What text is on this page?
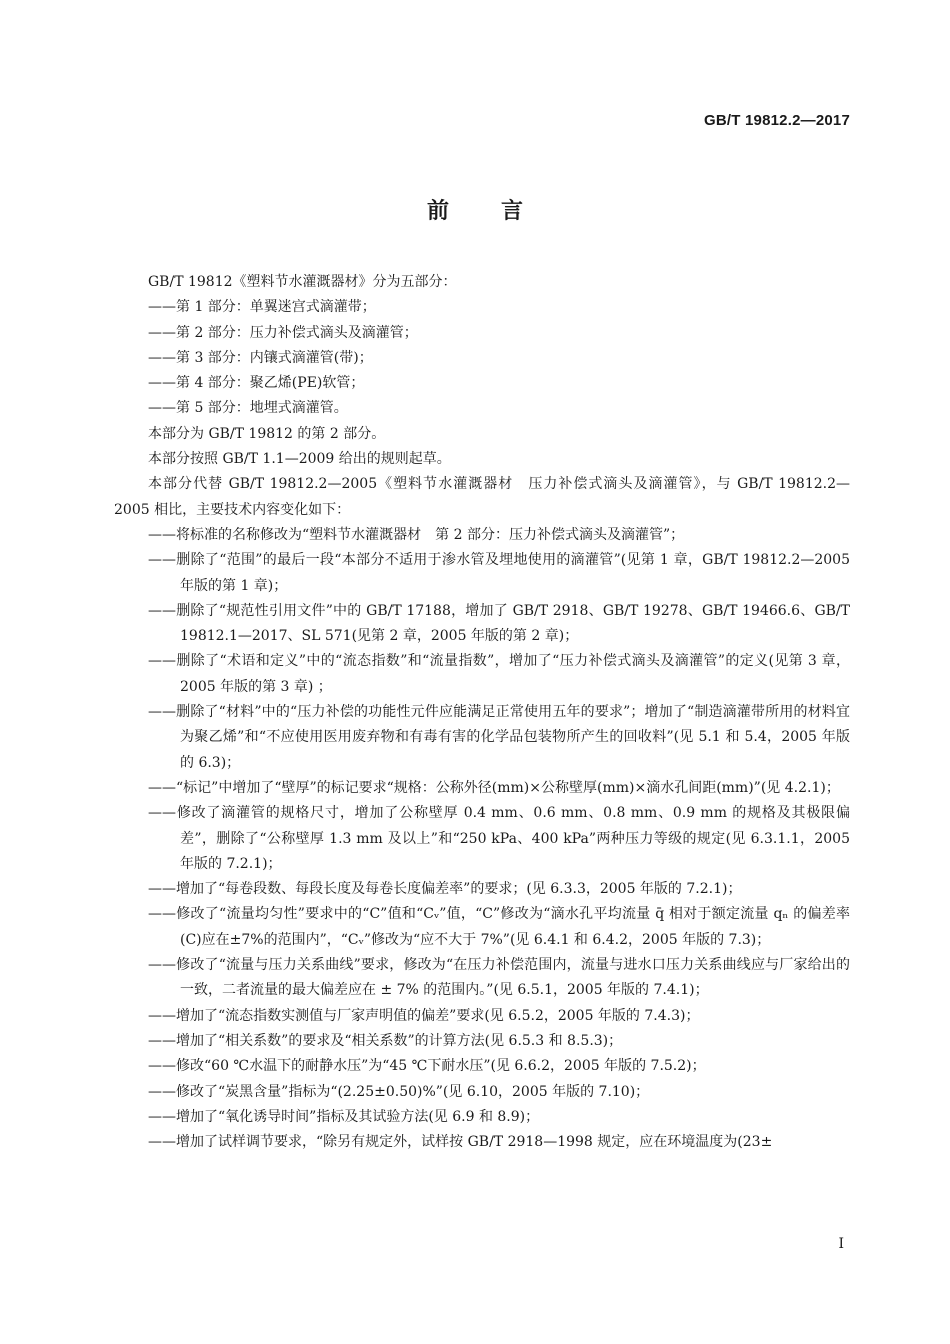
GB/T 19812.2—2017
前言

GB/T 19812《塑料节水灌溉器材》分为五部分：

——第 1 部分：单翼迷宫式滴灌带；

——第 2 部分：压力补偿式滴头及滴灌管；

——第 3 部分：内镶式滴灌管(带)；

——第 4 部分：聚乙烯(PE)软管；

——第 5 部分：地埋式滴灌管。

本部分为 GB/T 19812 的第 2 部分。

本部分按照 GB/T 1.1—2009 给出的规则起草。

本部分代替 GB/T 19812.2—2005《塑料节水灌溉器材　压力补偿式滴头及滴灌管》，与 GB/T 19812.2—2005 相比，主要技术内容变化如下：

——将标准的名称修改为“塑料节水灌溉器材　第 2 部分：压力补偿式滴头及滴灌管”；

——删除了“范围”的最后一段“本部分不适用于渗水管及埋地使用的滴灌管”(见第 1 章，GB/T 19812.2—2005 年版的第 1 章)；

——删除了“规范性引用文件”中的 GB/T 17188，增加了 GB/T 2918、GB/T 19278、GB/T 19466.6、GB/T 19812.1—2017、SL 571(见第 2 章，2005 年版的第 2 章)；

——删除了“术语和定义”中的“流态指数”和“流量指数”，增加了“压力补偿式滴头及滴灌管”的定义(见第 3 章，2005 年版的第 3 章) ；

——删除了“材料”中的“压力补偿的功能性元件应能满足正常使用五年的要求”；增加了“制造滴灌带所用的材料宜为聚乙烯”和“不应使用医用废弃物和有毒有害的化学品包装物所产生的回收料”(见 5.1 和 5.4，2005 年版的 6.3)；

——“标记”中增加了“壁厚”的标记要求“规格：公称外径(mm)×公称壁厚(mm)×滴水孔间距(mm)”(见 4.2.1)；

——修改了滴灌管的规格尺寸，增加了公称壁厚 0.4 mm、0.6 mm、0.8 mm、0.9 mm 的规格及其极限偏差”，删除了“公称壁厚 1.3 mm 及以上”和“250 kPa、400 kPa”两种压力等级的规定(见 6.3.1.1，2005 年版的 7.2.1)；

——增加了“每卷段数、每段长度及每卷长度偏差率”的要求；(见 6.3.3，2005 年版的 7.2.1)；

——修改了“流量均匀性”要求中的“C”值和“Cᵥ”值，“C”修改为“滴水孔平均流量 q̄ 相对于额定流量 qₙ 的偏差率(C)应在±7%的范围内”，“Cᵥ”修改为“应不大于 7%”(见 6.4.1 和 6.4.2，2005 年版的 7.3)；

——修改了“流量与压力关系曲线”要求，修改为“在压力补偿范围内，流量与进水口压力关系曲线应与厂家给出的一致，二者流量的最大偏差应在 ± 7% 的范围内。”(见 6.5.1，2005 年版的 7.4.1)；

——增加了“流态指数实测值与厂家声明值的偏差”要求(见 6.5.2，2005 年版的 7.4.3)；

——增加了“相关系数”的要求及“相关系数”的计算方法(见 6.5.3 和 8.5.3)；

——修改“60 ℃水温下的耐静水压”为“45 ℃下耐水压”(见 6.6.2，2005 年版的 7.5.2)；

——修改了“炭黑含量”指标为“(2.25±0.50)%”(见 6.10，2005 年版的 7.10)；

——增加了“氧化诱导时间”指标及其试验方法(见 6.9 和 8.9)；

——增加了试样调节要求，“除另有规定外，试样按 GB/T 2918—1998 规定，应在环境温度为(23±

I
